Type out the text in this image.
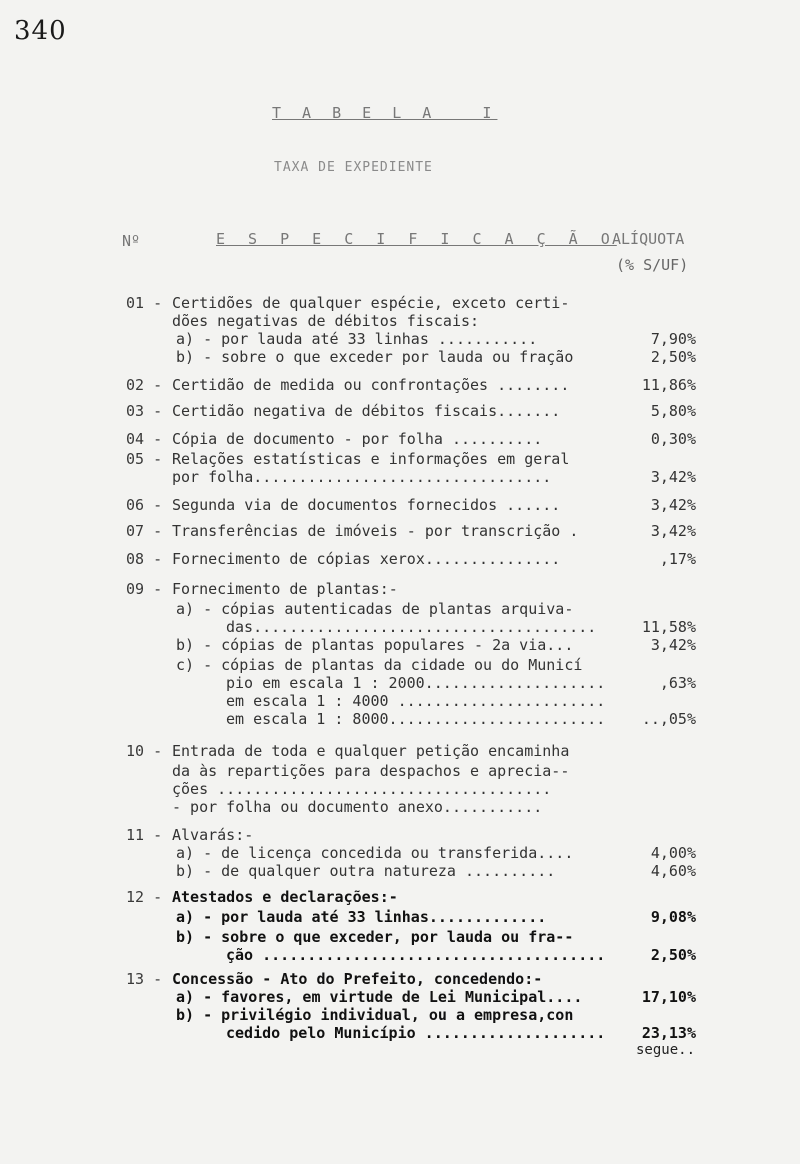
340
T A B E L A   I
TAXA DE EXPEDIENTE
Nº	E S P E C I F I C A Ç Ã O
ALÍQUOTA
(% S/UF)
01 - Certidões de qualquer espécie, exceto certi-
dões negativas de débitos fiscais:
a) - por lauda até 33 linhas ...........	7,90%
b) - sobre o que exceder por lauda ou fração	2,50%
02 - Certidão de medida ou confrontações ........	11,86%
03 - Certidão negativa de débitos fiscais.......	5,80%
04 - Cópia de documento - por folha ..........	0,30%
05 - Relações estatísticas e informações em geral
por folha.................................	3,42%
06 - Segunda via de documentos fornecidos ......	3,42%
07 - Transferências de imóveis - por transcrição .	3,42%
08 - Fornecimento de cópias xerox...............	,17%
09 - Fornecimento de plantas:-
a) - cópias autenticadas de plantas arquiva-
das......................................	11,58%
b) - cópias de plantas populares - 2a via...	3,42%
c) - cópias de plantas da cidade ou do Municí
pio em escala 1 : 2000....................	,63%
em escala 1 : 4000 .......................
em escala 1 : 8000........................ ..,05%
10 - Entrada de toda e qualquer petição encaminha
da às repartições para despachos e aprecia--
ções .....................................
- por folha ou documento anexo...........
11 - Alvarás:-
a) - de licença concedida ou transferida....	4,00%
b) - de qualquer outra natureza ..........	4,60%
12 - Atestados e declarações:-
a) - por lauda até 33 linhas.............	9,08%
b) - sobre o que exceder, por lauda ou fra--
ção ......................................	2,50%
13 - Concessão - Ato do Prefeito, concedendo:-
a) - favores, em virtude de Lei Municipal....	17,10%
b) - privilégio individual, ou a empresa,con
cedido pelo Município .................... 23,13%
segue..
